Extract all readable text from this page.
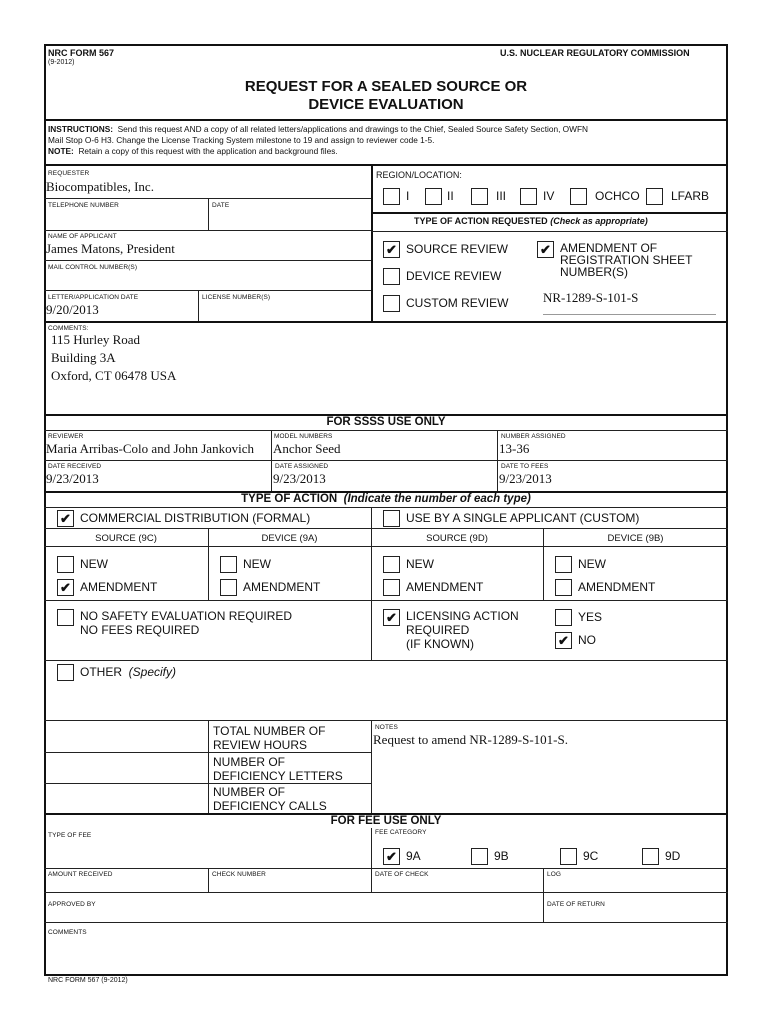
NRC FORM 567
(9-2012)
U.S. NUCLEAR REGULATORY COMMISSION
REQUEST FOR A SEALED SOURCE OR
DEVICE EVALUATION
INSTRUCTIONS: Send this request AND a copy of all related letters/applications and drawings to the Chief, Sealed Source Safety Section, OWFN
Mail Stop O-6 H3. Change the License Tracking System milestone to 19 and assign to reviewer code 1-5.
NOTE: Retain a copy of this request with the application and background files.
REQUESTER
Biocompatibles, Inc.
TELEPHONE NUMBER	DATE
NAME OF APPLICANT
James Matons, President
MAIL CONTROL NUMBER(S)
LETTER/APPLICATION DATE	LICENSE NUMBER(S)
9/20/2013
REGION/LOCATION:
I	II	III	IV	OCHCO	LFARB
TYPE OF ACTION REQUESTED (Check as appropriate)
✔ SOURCE REVIEW
DEVICE REVIEW
CUSTOM REVIEW
✔ AMENDMENT OF
REGISTRATION SHEET
NUMBER(S)
NR-1289-S-101-S
COMMENTS:
115 Hurley Road
Building 3A
Oxford, CT 06478 USA
FOR SSSS USE ONLY
REVIEWER
Maria Arribas-Colo and John Jankovich
MODEL NUMBERS
Anchor Seed
NUMBER ASSIGNED
13-36
DATE RECEIVED
9/23/2013
DATE ASSIGNED
9/23/2013
DATE TO FEES
9/23/2013
TYPE OF ACTION (Indicate the number of each type)
✔ COMMERCIAL DISTRIBUTION (FORMAL)	USE BY A SINGLE APPLICANT (CUSTOM)
SOURCE (9C)	DEVICE (9A)	SOURCE (9D)	DEVICE (9B)
NEW	NEW	NEW	NEW
✔ AMENDMENT	AMENDMENT	AMENDMENT	AMENDMENT
NO SAFETY EVALUATION REQUIRED
NO FEES REQUIRED
✔ LICENSING ACTION
REQUIRED
(IF KNOWN)
YES
✔ NO
OTHER (Specify)
TOTAL NUMBER OF
REVIEW HOURS
NUMBER OF
DEFICIENCY LETTERS
NUMBER OF
DEFICIENCY CALLS
NOTES
Request to amend NR-1289-S-101-S.
FOR FEE USE ONLY
TYPE OF FEE	FEE CATEGORY
✔ 9A	9B	9C	9D
AMOUNT RECEIVED	CHECK NUMBER	DATE OF CHECK	LOG
APPROVED BY	DATE OF RETURN
COMMENTS
NRC FORM 567 (9-2012)
